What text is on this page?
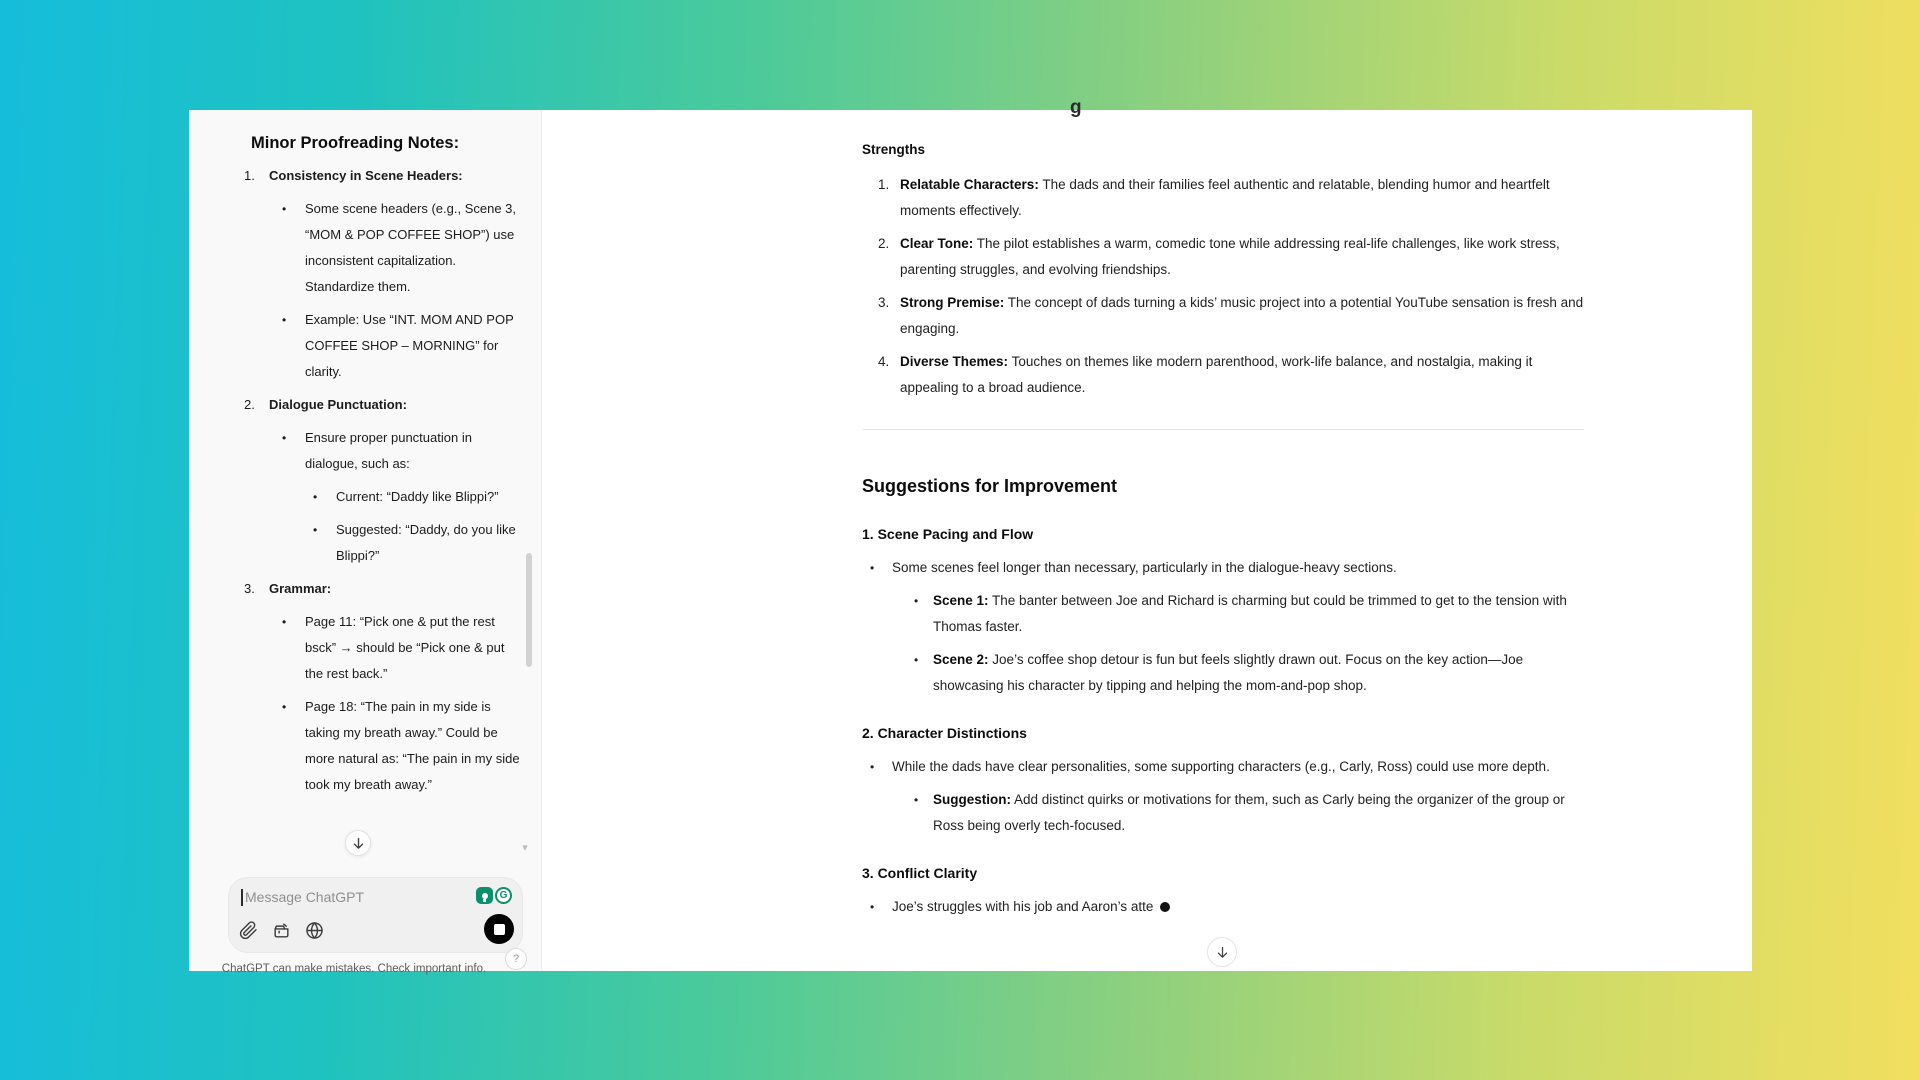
Minor Proofreading Notes:
1.	Consistency in Scene Headers:
•	Some scene headers (e.g., Scene 3, “MOM & POP COFFEE SHOP”) use inconsistent capitalization. Standardize them.
•	Example: Use “INT. MOM AND POP COFFEE SHOP – MORNING” for clarity.
2.	Dialogue Punctuation:
•	Ensure proper punctuation in dialogue, such as:
•	Current: “Daddy like Blippi?”
•	Suggested: “Daddy, do you like Blippi?”
3.	Grammar:
•	Page 11: “Pick one & put the rest bsck” → should be “Pick one & put the rest back.”
•	Page 18: “The pain in my side is taking my breath away.” Could be more natural as: “The pain in my side took my breath away.”
▾
Message ChatGPT	G
ChatGPT can make mistakes. Check important info.
?
g
Strengths
1. Relatable Characters: The dads and their families feel authentic and relatable, blending humor and heartfelt moments effectively.
2. Clear Tone: The pilot establishes a warm, comedic tone while addressing real-life challenges, like work stress, parenting struggles, and evolving friendships.
3. Strong Premise: The concept of dads turning a kids’ music project into a potential YouTube sensation is fresh and engaging.
4. Diverse Themes: Touches on themes like modern parenthood, work-life balance, and nostalgia, making it appealing to a broad audience.
Suggestions for Improvement
1. Scene Pacing and Flow
•	Some scenes feel longer than necessary, particularly in the dialogue-heavy sections.
•	Scene 1: The banter between Joe and Richard is charming but could be trimmed to get to the tension with Thomas faster.
•	Scene 2: Joe’s coffee shop detour is fun but feels slightly drawn out. Focus on the key action—Joe showcasing his character by tipping and helping the mom-and-pop shop.
2. Character Distinctions
•	While the dads have clear personalities, some supporting characters (e.g., Carly, Ross) could use more depth.
•	Suggestion: Add distinct quirks or motivations for them, such as Carly being the organizer of the group or Ross being overly tech-focused.
3. Conflict Clarity
•	Joe’s struggles with his job and Aaron’s atte
